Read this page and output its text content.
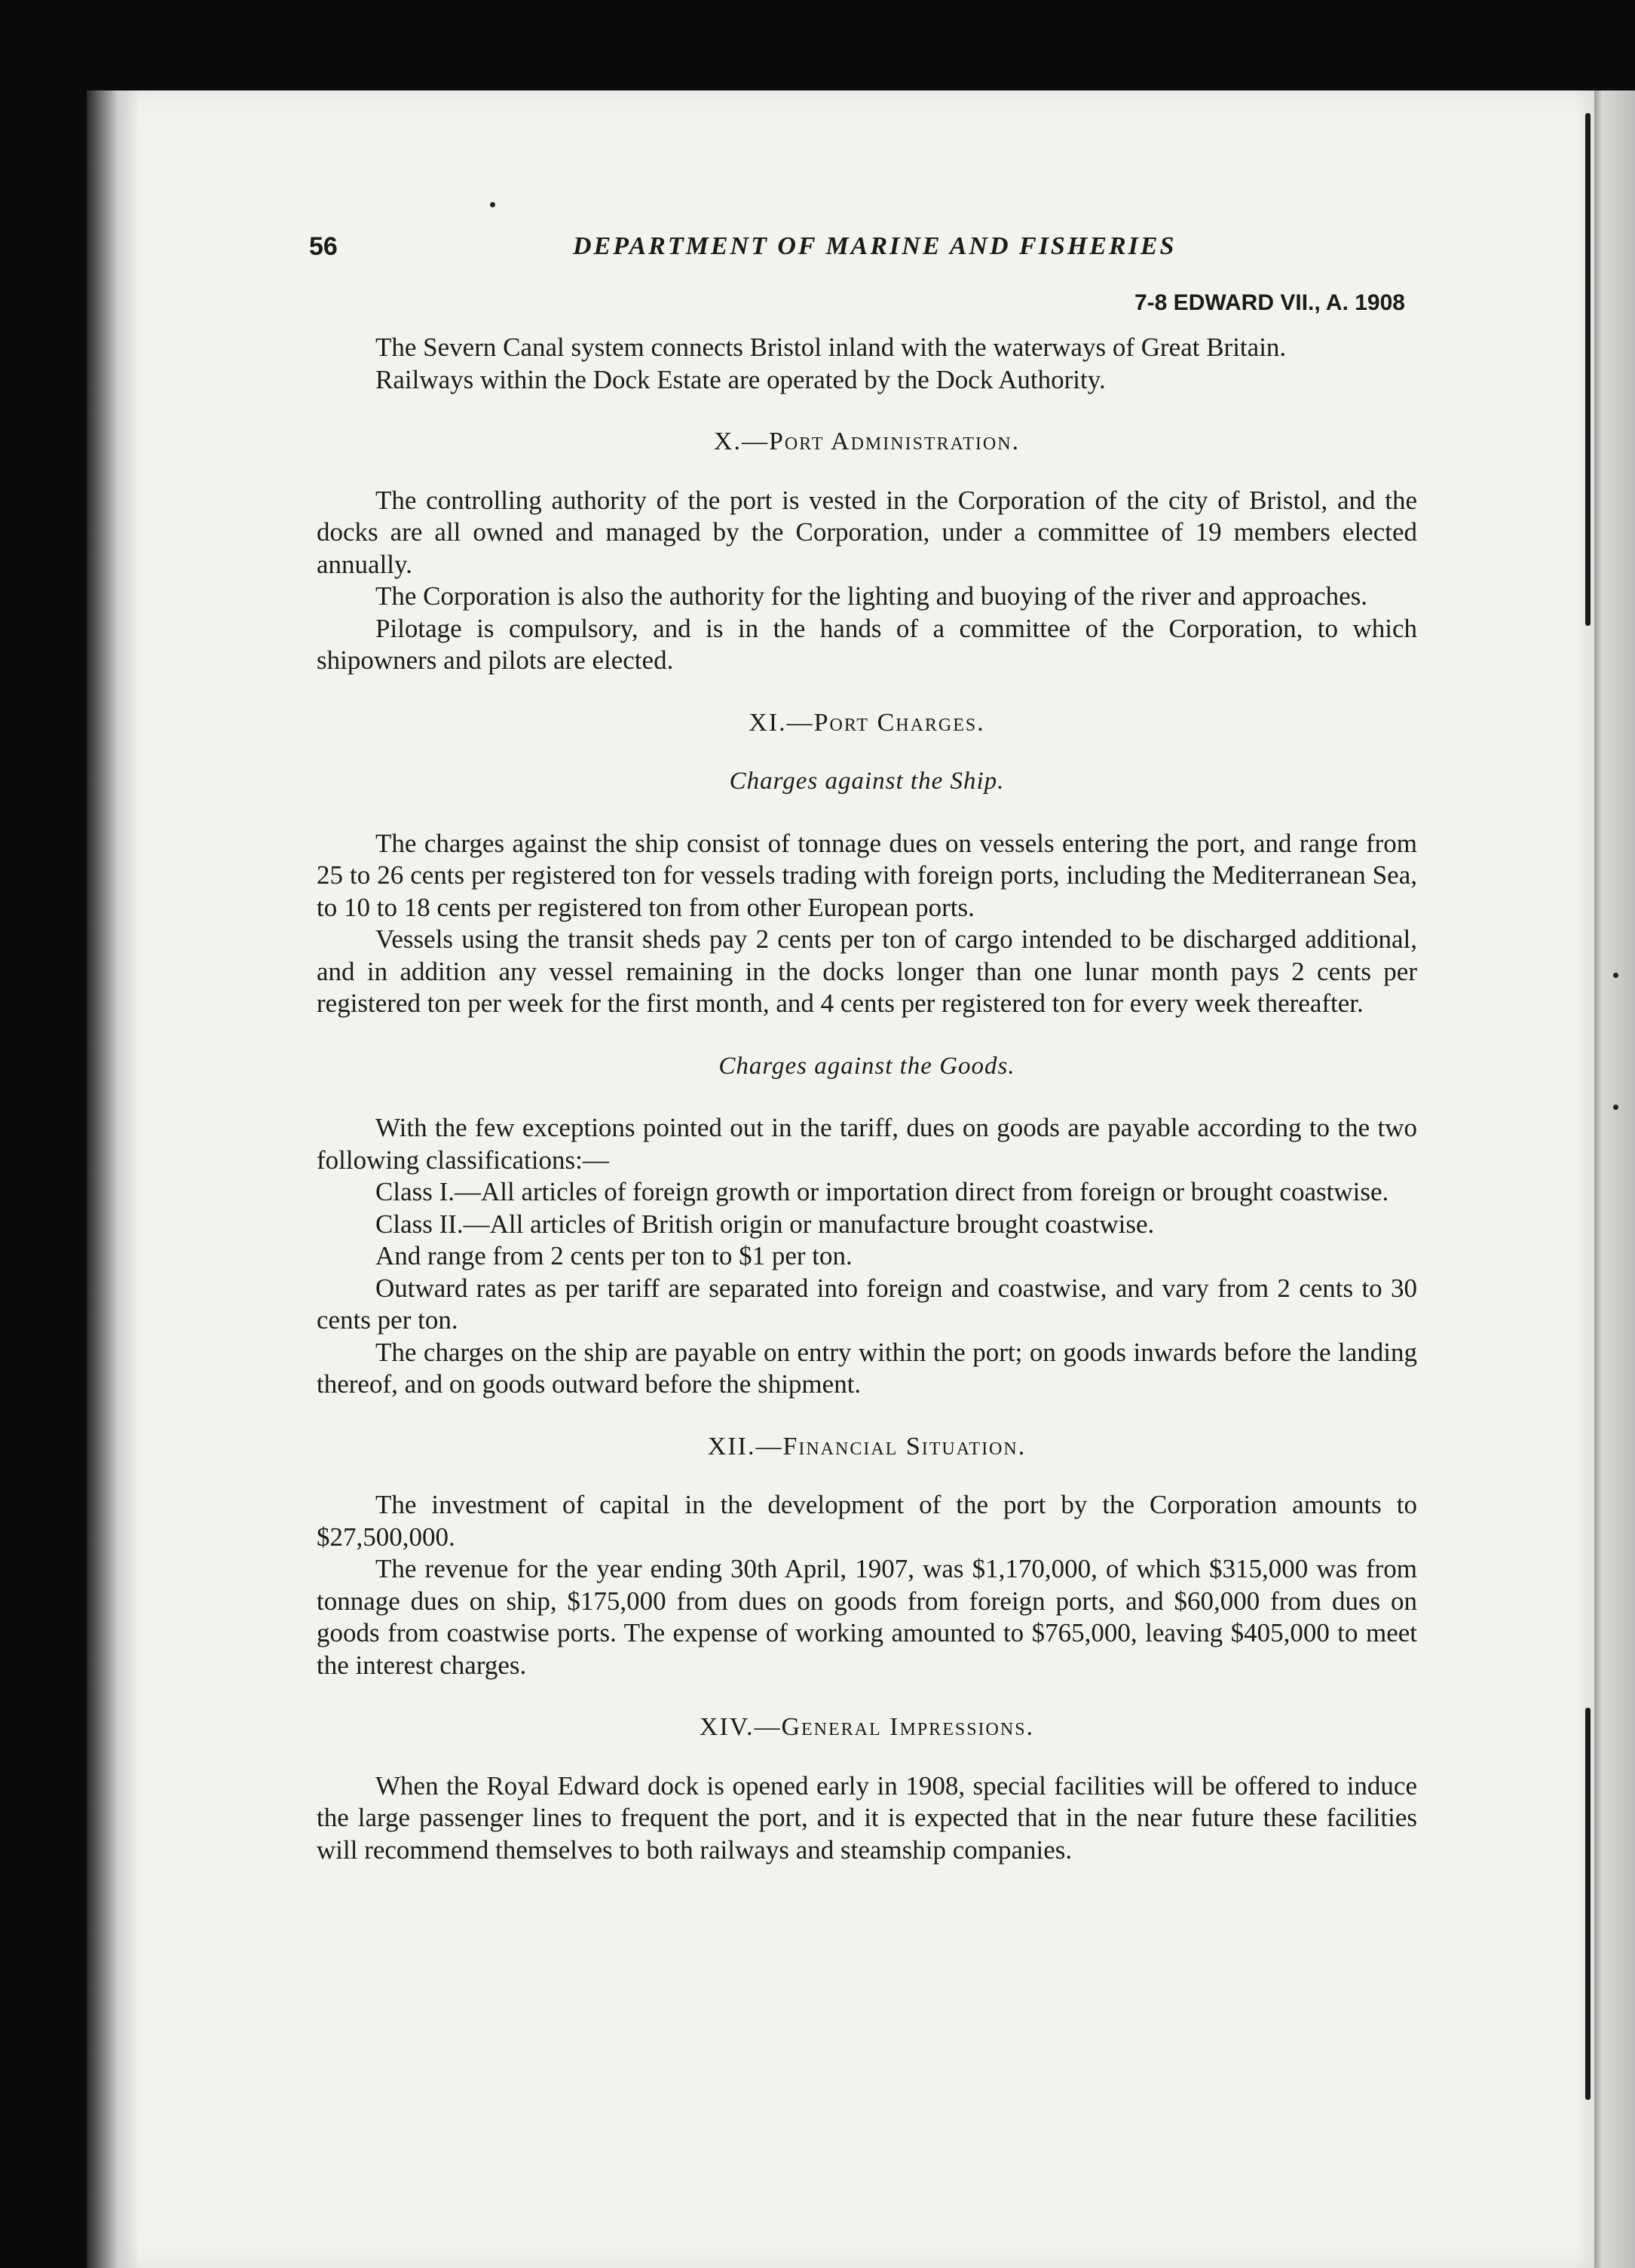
56	DEPARTMENT OF MARINE AND FISHERIES
7-8 EDWARD VII., A. 1908

The Severn Canal system connects Bristol inland with the waterways of Great Britain.

Railways within the Dock Estate are operated by the Dock Authority.

X.—Port Administration.

The controlling authority of the port is vested in the Corporation of the city of Bristol, and the docks are all owned and managed by the Corporation, under a committee of 19 members elected annually.

The Corporation is also the authority for the lighting and buoying of the river and approaches.

Pilotage is compulsory, and is in the hands of a committee of the Corporation, to which shipowners and pilots are elected.

XI.—Port Charges.
Charges against the Ship.

The charges against the ship consist of tonnage dues on vessels entering the port, and range from 25 to 26 cents per registered ton for vessels trading with foreign ports, including the Mediterranean Sea, to 10 to 18 cents per registered ton from other European ports.

Vessels using the transit sheds pay 2 cents per ton of cargo intended to be discharged additional, and in addition any vessel remaining in the docks longer than one lunar month pays 2 cents per registered ton per week for the first month, and 4 cents per registered ton for every week thereafter.

Charges against the Goods.

With the few exceptions pointed out in the tariff, dues on goods are payable according to the two following classifications:—

Class I.—All articles of foreign growth or importation direct from foreign or brought coastwise.

Class II.—All articles of British origin or manufacture brought coastwise.

And range from 2 cents per ton to $1 per ton.

Outward rates as per tariff are separated into foreign and coastwise, and vary from 2 cents to 30 cents per ton.

The charges on the ship are payable on entry within the port; on goods inwards before the landing thereof, and on goods outward before the shipment.

XII.—Financial Situation.

The investment of capital in the development of the port by the Corporation amounts to $27,500,000.

The revenue for the year ending 30th April, 1907, was $1,170,000, of which $315,000 was from tonnage dues on ship, $175,000 from dues on goods from foreign ports, and $60,000 from dues on goods from coastwise ports. The expense of working amounted to $765,000, leaving $405,000 to meet the interest charges.

XIV.—General Impressions.

When the Royal Edward dock is opened early in 1908, special facilities will be offered to induce the large passenger lines to frequent the port, and it is expected that in the near future these facilities will recommend themselves to both railways and steamship companies.
